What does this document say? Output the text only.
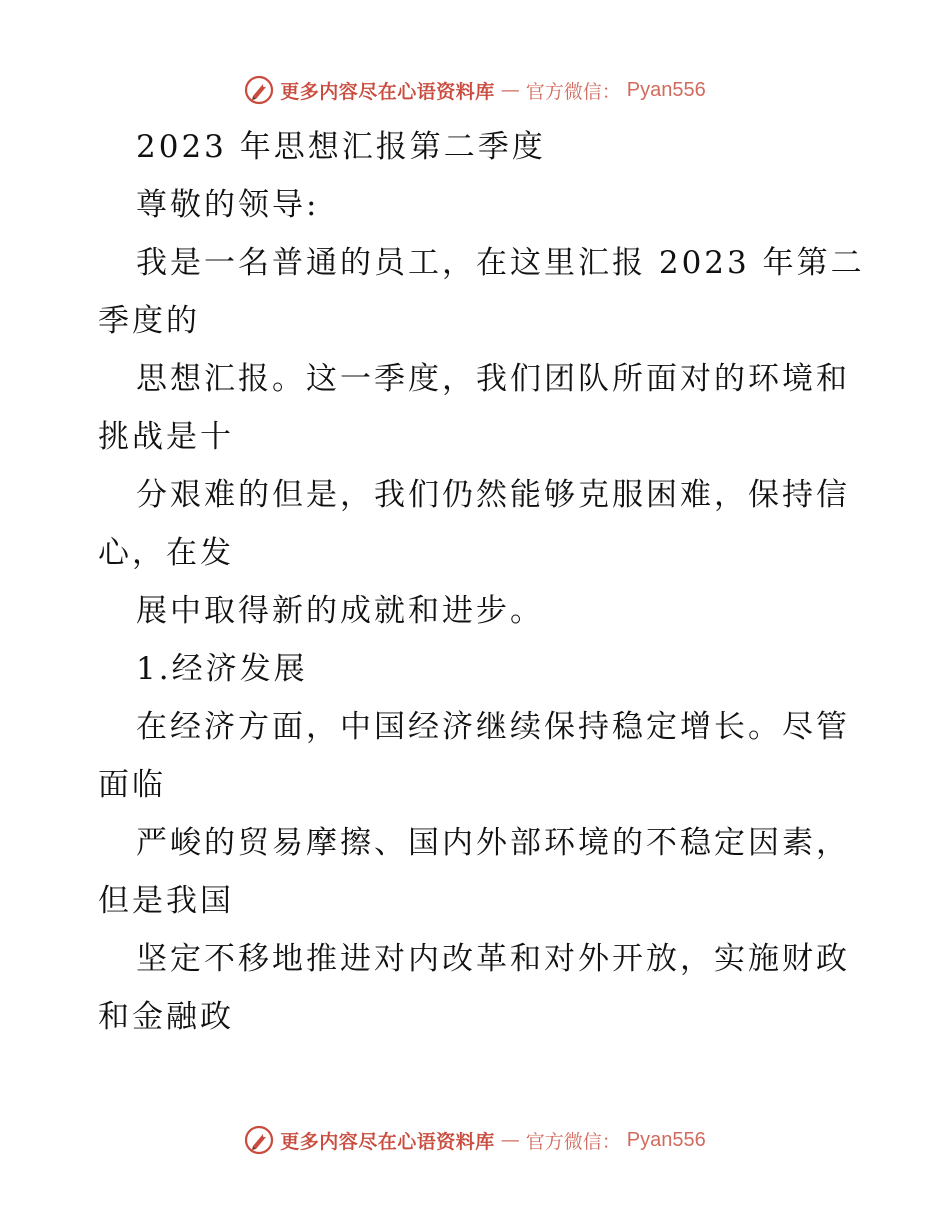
更多内容尽在心语资料库 — 官方微信： Pyan556
2023 年思想汇报第二季度
尊敬的领导:
我是一名普通的员工，在这里汇报 2023 年第二
季度的
思想汇报。这一季度，我们团队所面对的环境和
挑战是十
分艰难的但是，我们仍然能够克服困难，保持信
心，在发
展中取得新的成就和进步。
1.经济发展
在经济方面，中国经济继续保持稳定增长。尽管
面临
严峻的贸易摩擦、国内外部环境的不稳定因素，
但是我国
坚定不移地推进对内改革和对外开放，实施财政
和金融政
更多内容尽在心语资料库 — 官方微信： Pyan556
